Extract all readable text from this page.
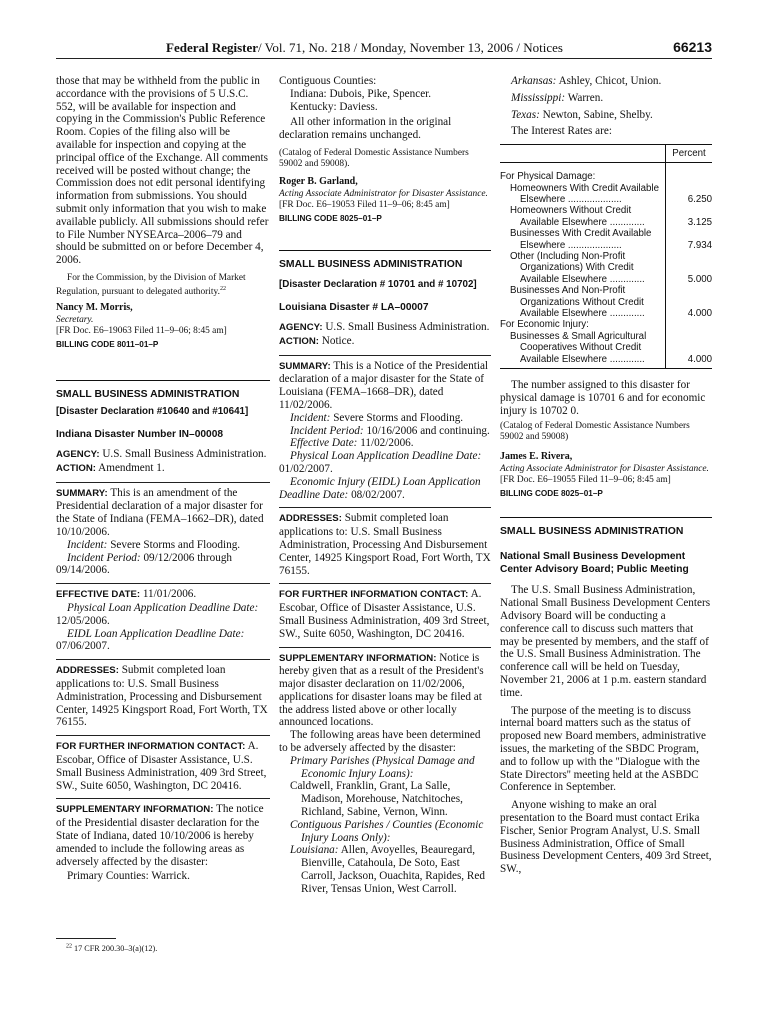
Federal Register/ Vol. 71, No. 218 / Monday, November 13, 2006 / Notices	66213

those that may be withheld from the public in accordance with the provisions of 5 U.S.C. 552, will be available for inspection and copying in the Commission's Public Reference Room. Copies of the filing also will be available for inspection and copying at the principal office of the Exchange. All comments received will be posted without change; the Commission does not edit personal identifying information from submissions. You should submit only information that you wish to make available publicly. All submissions should refer to File Number NYSEArca–2006–79 and should be submitted on or before December 4, 2006.

For the Commission, by the Division of Market Regulation, pursuant to delegated authority.$^{22}$

Nancy M. Morris,

Secretary.

[FR Doc. E6–19063 Filed 11–9–06; 8:45 am]

BILLING CODE 8011–01–P

SMALL BUSINESS ADMINISTRATION

[Disaster Declaration #10640 and #10641]

Indiana Disaster Number IN–00008

AGENCY: U.S. Small Business Administration.

ACTION: Amendment 1.

SUMMARY: This is an amendment of the Presidential declaration of a major disaster for the State of Indiana (FEMA–1662–DR), dated 10/10/2006.

Incident: Severe Storms and Flooding.

Incident Period: 09/12/2006 through 09/14/2006.

EFFECTIVE DATE: 11/01/2006.

Physical Loan Application Deadline Date: 12/05/2006.

EIDL Loan Application Deadline Date: 07/06/2007.

ADDRESSES: Submit completed loan applications to: U.S. Small Business Administration, Processing and Disbursement Center, 14925 Kingsport Road, Fort Worth, TX 76155.

FOR FURTHER INFORMATION CONTACT: A. Escobar, Office of Disaster Assistance, U.S. Small Business Administration, 409 3rd Street, SW., Suite 6050, Washington, DC 20416.

SUPPLEMENTARY INFORMATION: The notice of the Presidential disaster declaration for the State of Indiana, dated 10/10/2006 is hereby amended to include the following areas as adversely affected by the disaster:

Primary Counties: Warrick.

$^{22}$ 17 CFR 200.30–3(a)(12).

Contiguous Counties:

Indiana: Dubois, Pike, Spencer.

Kentucky: Daviess.

All other information in the original declaration remains unchanged.

(Catalog of Federal Domestic Assistance Numbers 59002 and 59008).

Roger B. Garland,

Acting Associate Administrator for Disaster Assistance.

[FR Doc. E6–19053 Filed 11–9–06; 8:45 am]

BILLING CODE 8025–01–P

SMALL BUSINESS ADMINISTRATION

[Disaster Declaration # 10701 and # 10702]

Louisiana Disaster # LA–00007

AGENCY: U.S. Small Business Administration.

ACTION: Notice.

SUMMARY: This is a Notice of the Presidential declaration of a major disaster for the State of Louisiana (FEMA–1668–DR), dated 11/02/2006.

Incident: Severe Storms and Flooding.

Incident Period: 10/16/2006 and continuing.

Effective Date: 11/02/2006.

Physical Loan Application Deadline Date: 01/02/2007.

Economic Injury (EIDL) Loan Application Deadline Date: 08/02/2007.

ADDRESSES: Submit completed loan applications to: U.S. Small Business Administration, Processing And Disbursement Center, 14925 Kingsport Road, Fort Worth, TX 76155.

FOR FURTHER INFORMATION CONTACT: A. Escobar, Office of Disaster Assistance, U.S. Small Business Administration, 409 3rd Street, SW., Suite 6050, Washington, DC 20416.

SUPPLEMENTARY INFORMATION: Notice is hereby given that as a result of the President's major disaster declaration on 11/02/2006, applications for disaster loans may be filed at the address listed above or other locally announced locations.

The following areas have been determined to be adversely affected by the disaster:

Primary Parishes (Physical Damage and Economic Injury Loans):

Caldwell, Franklin, Grant, La Salle, Madison, Morehouse, Natchitoches, Richland, Sabine, Vernon, Winn.

Contiguous Parishes / Counties (Economic Injury Loans Only):

Louisiana: Allen, Avoyelles, Beauregard, Bienville, Catahoula, De Soto, East Carroll, Jackson, Ouachita, Rapides, Red River, Tensas Union, West Carroll.

Arkansas: Ashley, Chicot, Union.

Mississippi: Warren.

Texas: Newton, Sabine, Shelby.

The Interest Rates are:

	Percent
For Physical Damage:	
Homeowners With Credit Available Elsewhere ....................	6.250
Homeowners Without Credit Available Elsewhere .............	3.125
Businesses With Credit Available Elsewhere ....................	7.934
Other (Including Non-Profit Organizations) With Credit Available Elsewhere .............	5.000
Businesses And Non-Profit Organizations Without Credit Available Elsewhere .............	4.000
For Economic Injury:	
Businesses & Small Agricultural Cooperatives Without Credit Available Elsewhere .............	4.000

The number assigned to this disaster for physical damage is 10701 6 and for economic injury is 10702 0.

(Catalog of Federal Domestic Assistance Numbers 59002 and 59008)

James E. Rivera,

Acting Associate Administrator for Disaster Assistance.

[FR Doc. E6–19055 Filed 11–9–06; 8:45 am]

BILLING CODE 8025–01–P

SMALL BUSINESS ADMINISTRATION

National Small Business Development Center Advisory Board; Public Meeting

The U.S. Small Business Administration, National Small Business Development Centers Advisory Board will be conducting a conference call to discuss such matters that may be presented by members, and the staff of the U.S. Small Business Administration. The conference call will be held on Tuesday, November 21, 2006 at 1 p.m. eastern standard time.

The purpose of the meeting is to discuss internal board matters such as the status of proposed new Board members, administrative issues, the marketing of the SBDC Program, and to follow up with the ''Dialogue with the State Directors'' meeting held at the ASBDC Conference in September.

Anyone wishing to make an oral presentation to the Board must contact Erika Fischer, Senior Program Analyst, U.S. Small Business Administration, Office of Small Business Development Centers, 409 3rd Street, SW.,
